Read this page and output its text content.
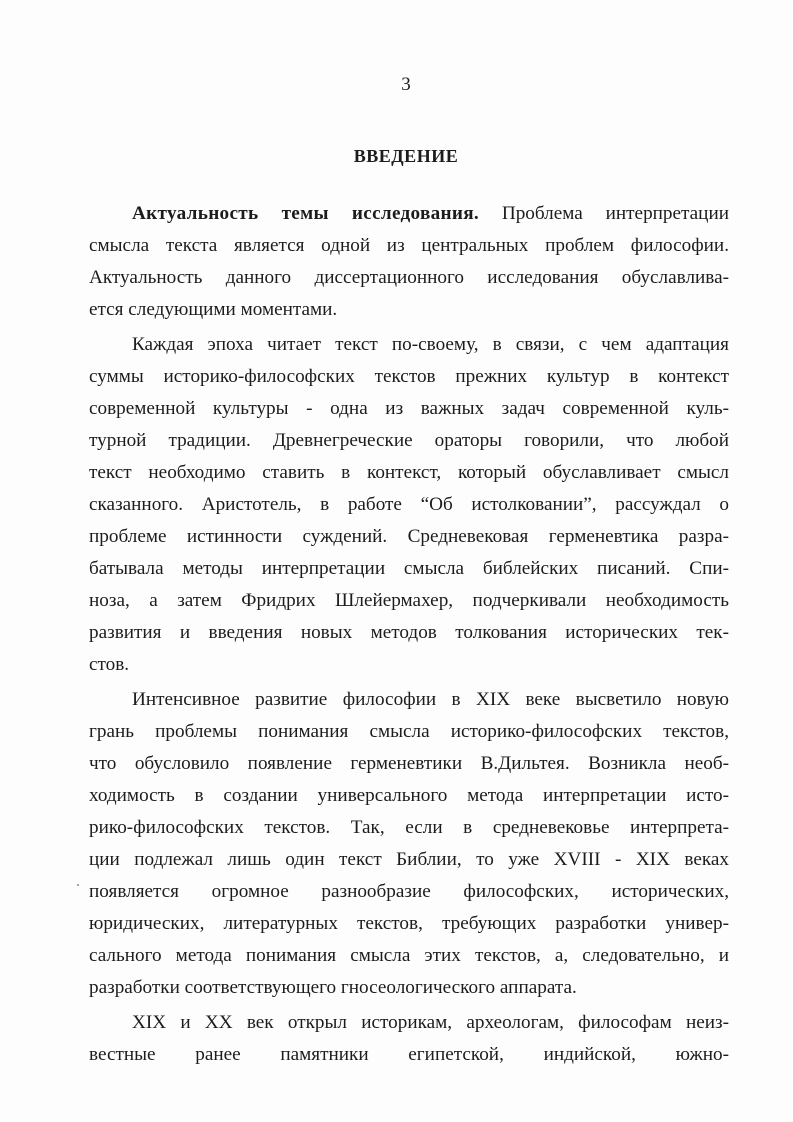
3
ВВЕДЕНИЕ
Актуальность темы исследования. Проблема интерпретации
смысла текста является одной из центральных проблем философии.
Актуальность данного диссертационного исследования обуславлива-
ется следующими моментами.
Каждая эпоха читает текст по-своему, в связи, с чем адаптация
суммы историко-философских текстов прежних культур в контекст
современной культуры - одна из важных задач современной куль-
турной традиции. Древнегреческие ораторы говорили, что любой
текст необходимо ставить в контекст, который обуславливает смысл
сказанного. Аристотель, в работе “Об истолковании”, рассуждал о
проблеме истинности суждений. Средневековая герменевтика разра-
батывала методы интерпретации смысла библейских писаний. Спи-
ноза, а затем Фридрих Шлейермахер, подчеркивали необходимость
развития и введения новых методов толкования исторических тек-
стов.
Интенсивное развитие философии в XIX веке высветило новую
грань проблемы понимания смысла историко-философских текстов,
что обусловило появление герменевтики В.Дильтея. Возникла необ-
ходимость в создании универсального метода интерпретации исто-
рико-философских текстов. Так, если в средневековье интерпрета-
ции подлежал лишь один текст Библии, то уже XVIII - XIX веках
появляется огромное разнообразие философских, исторических,
юридических, литературных текстов, требующих разработки универ-
сального метода понимания смысла этих текстов, а, следовательно, и
разработки соответствующего гносеологического аппарата.
XIX и XX век открыл историкам, археологам, философам неиз-
вестные ранее памятники египетской, индийской, южно-
